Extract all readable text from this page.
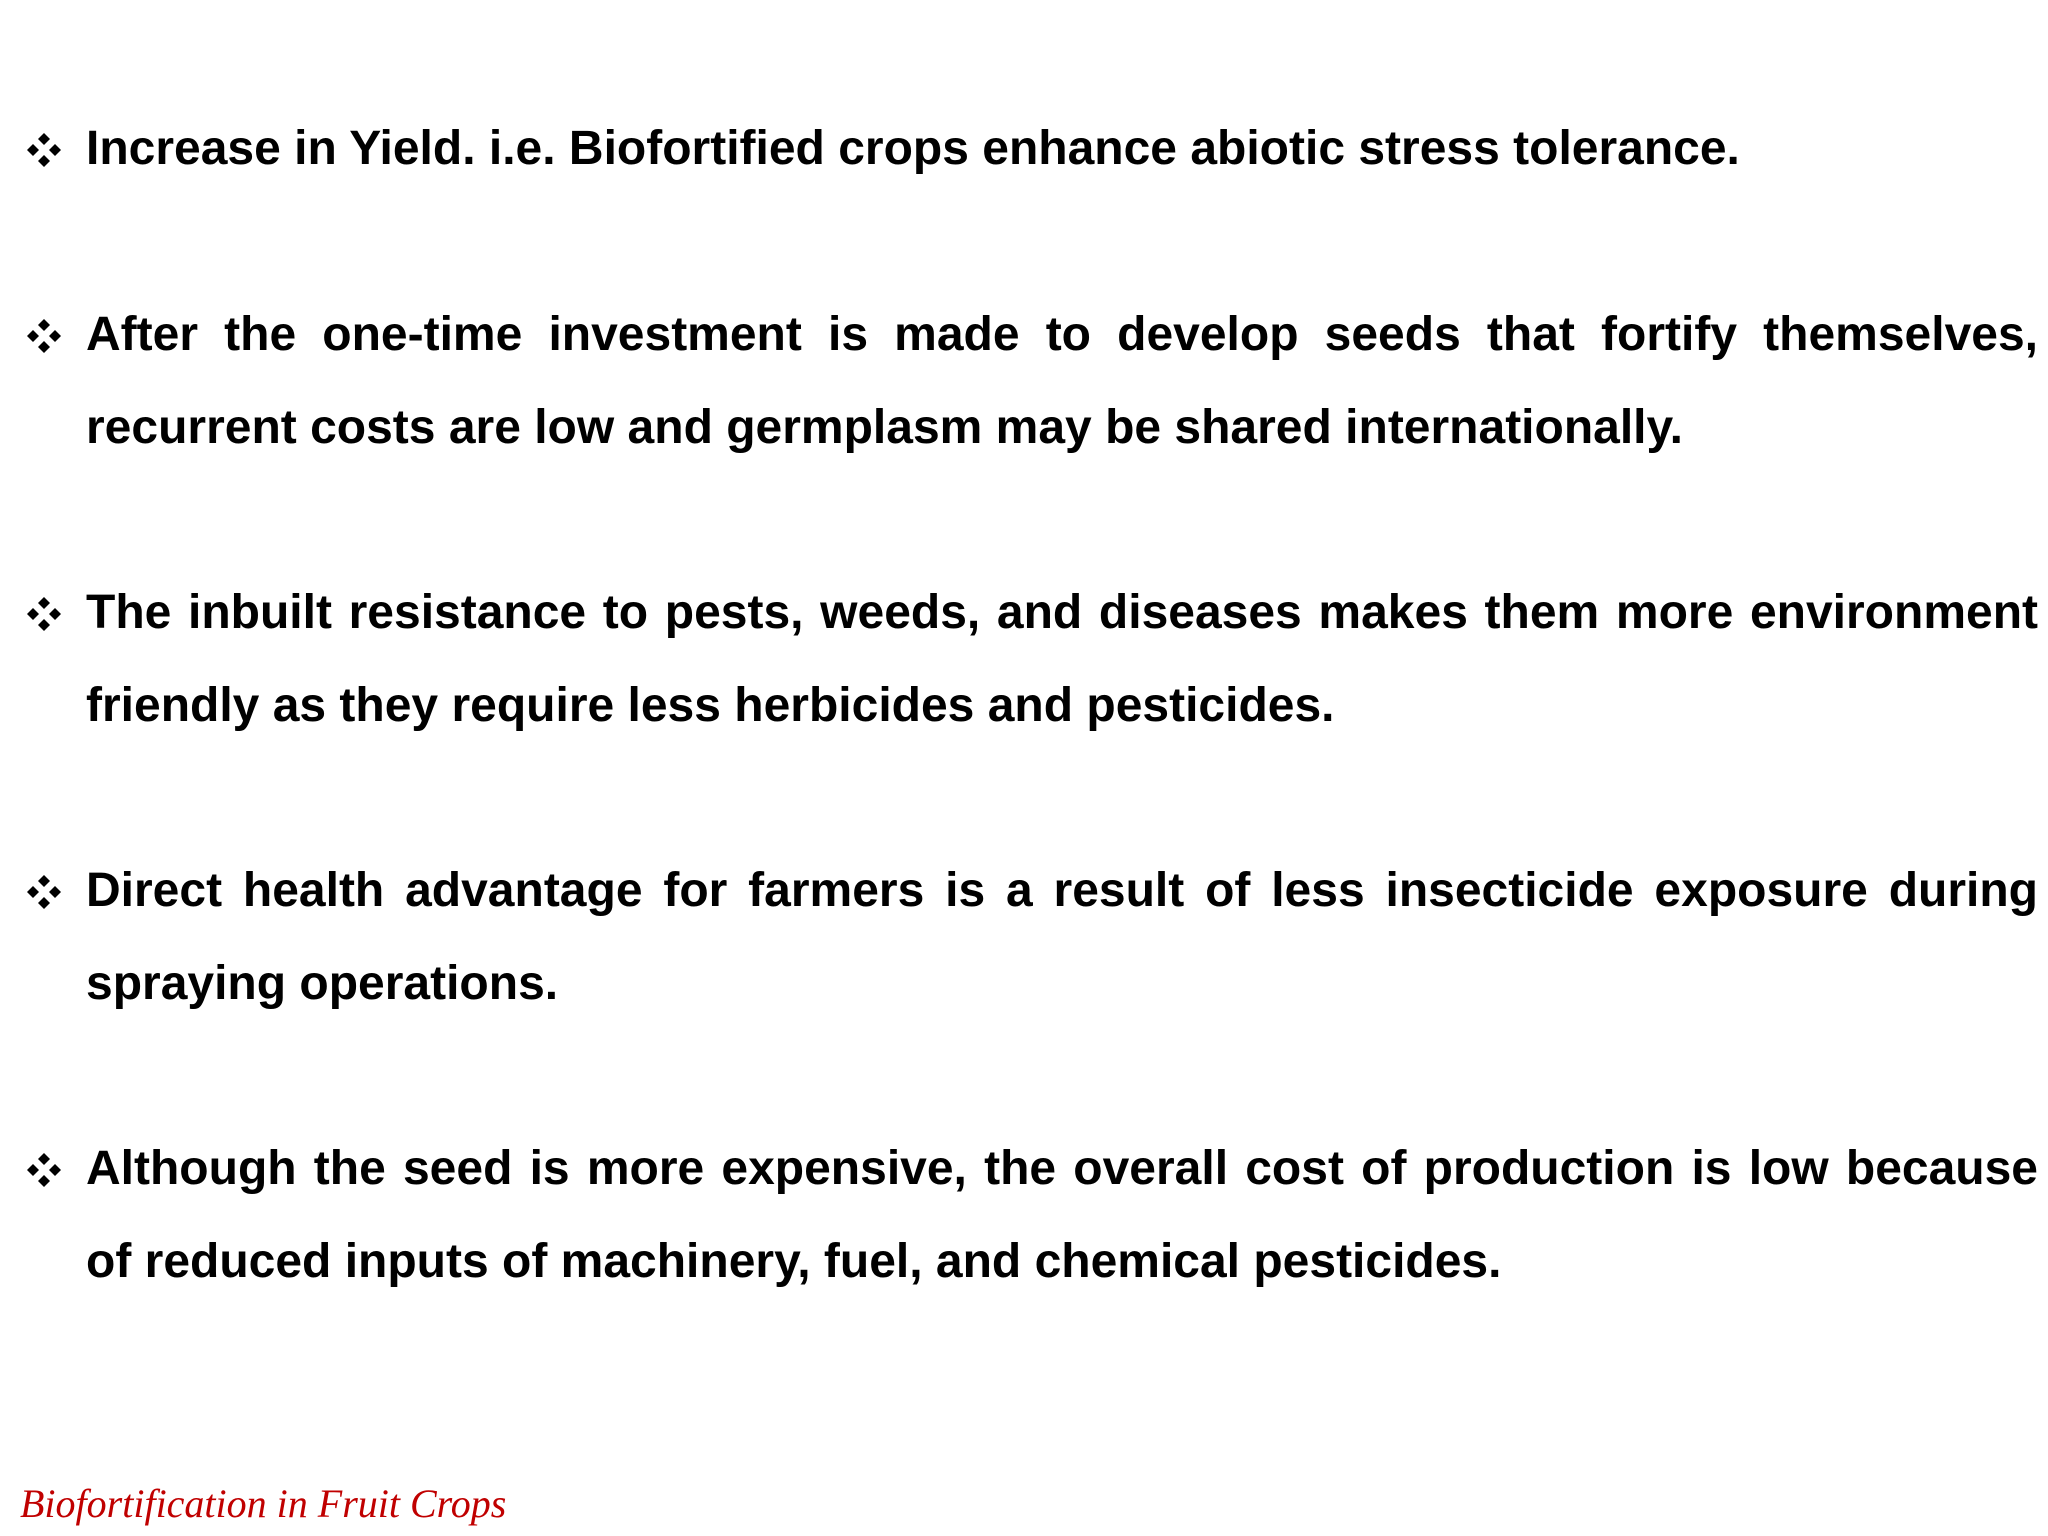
Increase in Yield. i.e. Biofortified crops enhance abiotic stress tolerance.

After the one-time investment is made to develop seeds that fortify themselves, recurrent costs are low and germplasm may be shared internationally.

The inbuilt resistance to pests, weeds, and diseases makes them more environment friendly as they require less herbicides and pesticides.

Direct health advantage for farmers is a result of less insecticide exposure during spraying operations.

Although the seed is more expensive, the overall cost of production is low because of reduced inputs of machinery, fuel, and chemical pesticides.

Biofortification in Fruit Crops
